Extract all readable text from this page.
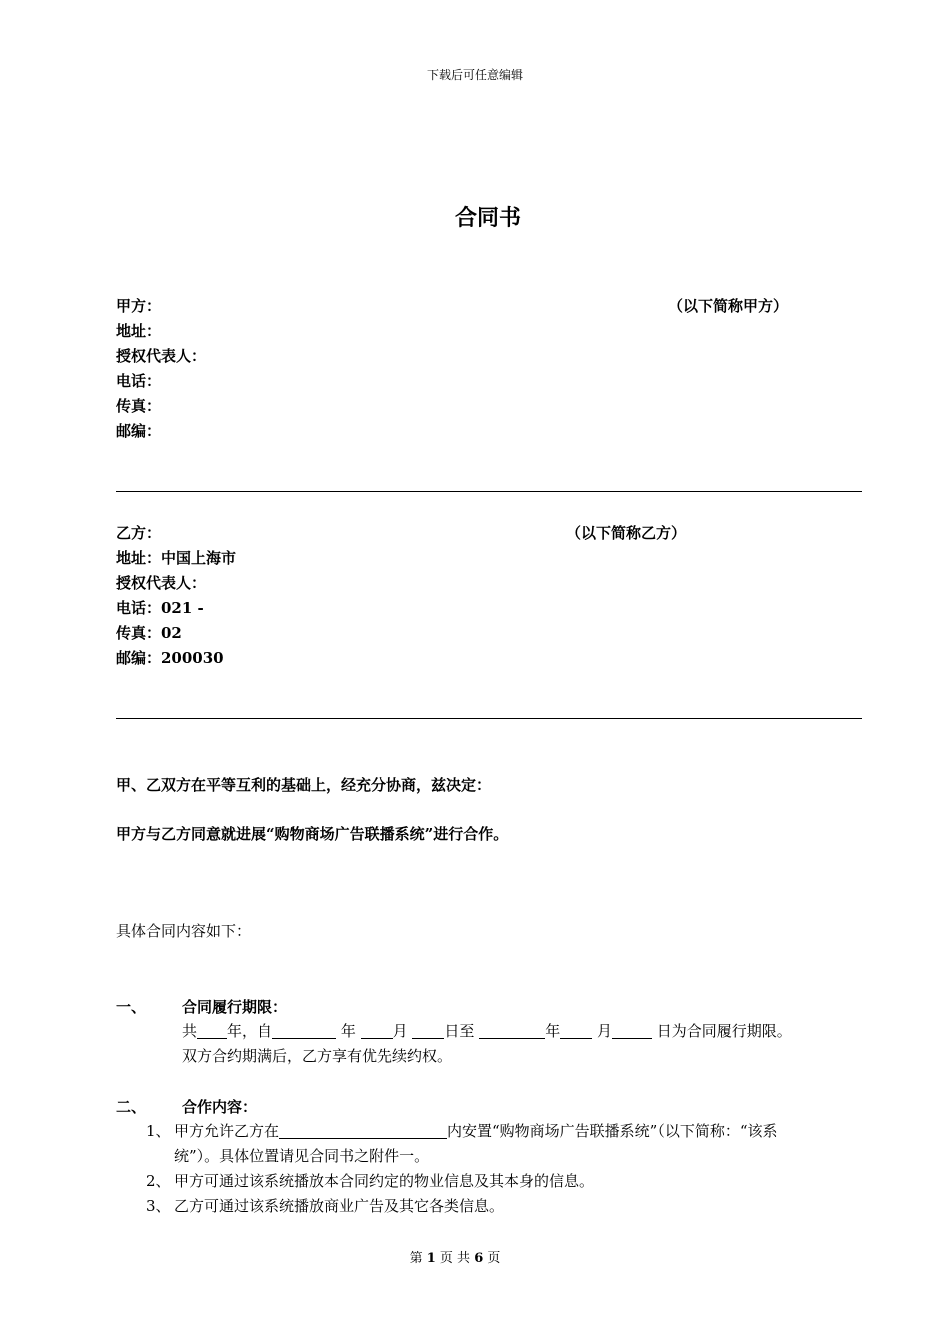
下载后可任意编辑
合同书
甲方：	（以下简称甲方）
地址：
授权代表人：
电话：
传真：
邮编：
乙方：	（以下简称乙方）
地址：中国上海市
授权代表人：
电话：021 -
传真：02
邮编：200030
甲、乙双方在平等互利的基础上，经充分协商，兹决定：
甲方与乙方同意就进展“购物商场广告联播系统”进行合作。
具体合同内容如下：
一、 合同履行期限：
共 年，自	年 月 日至	年 月	日为合同履行期限。
双方合约期满后，乙方享有优先续约权。
二、 合作内容：
1、 甲方允许乙方在	内安置“购物商场广告联播系统”（以下简称：“该系
统”）。具体位置请见合同书之附件一。
2、 甲方可通过该系统播放本合同约定的物业信息及其本身的信息。
3、 乙方可通过该系统播放商业广告及其它各类信息。
第 1 页 共 6 页
